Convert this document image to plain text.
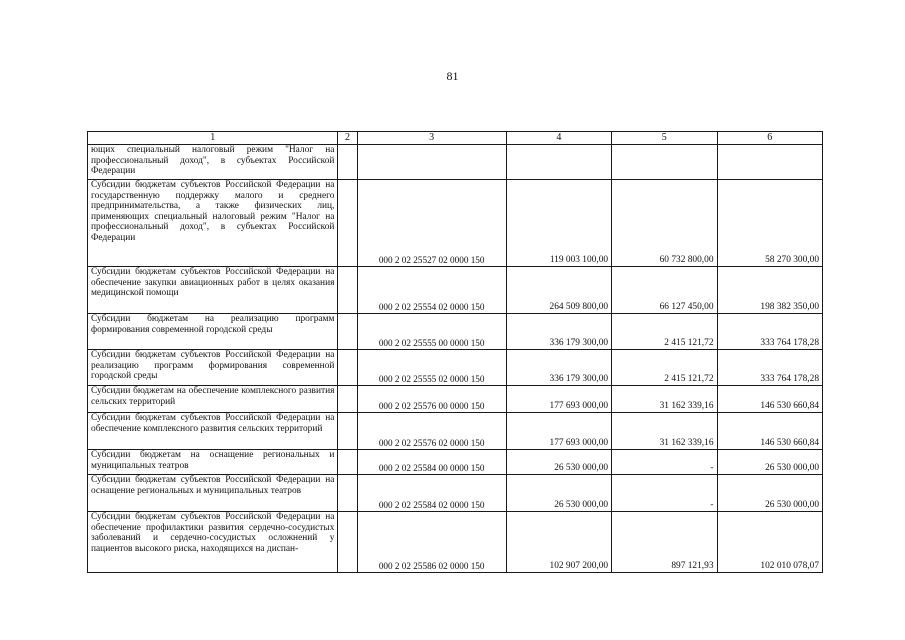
81
1	2	3	4	5	6
ющих специальный налоговый режим "Налог на профессиональный доход", в субъектах Российской Федерации					
Субсидии бюджетам субъектов Российской Федерации на государственную поддержку малого и среднего предпринимательства, а также физических лиц, применяющих специальный налоговый режим "Налог на профессиональный доход", в субъектах Российской Федерации		000 2 02 25527 02 0000 150	119 003 100,00	60 732 800,00	58 270 300,00
Субсидии бюджетам субъектов Российской Федерации на обеспечение закупки авиационных работ в целях оказания медицинской помощи		000 2 02 25554 02 0000 150	264 509 800,00	66 127 450,00	198 382 350,00
Субсидии бюджетам на реализацию программ формирования современной городской среды		000 2 02 25555 00 0000 150	336 179 300,00	2 415 121,72	333 764 178,28
Субсидии бюджетам субъектов Российской Федерации на реализацию программ формирования современной городской среды		000 2 02 25555 02 0000 150	336 179 300,00	2 415 121,72	333 764 178,28
Субсидии бюджетам на обеспечение комплексного развития сельских территорий		000 2 02 25576 00 0000 150	177 693 000,00	31 162 339,16	146 530 660,84
Субсидии бюджетам субъектов Российской Федерации на обеспечение комплексного развития сельских территорий		000 2 02 25576 02 0000 150	177 693 000,00	31 162 339,16	146 530 660,84
Субсидии бюджетам на оснащение региональных и муниципальных театров		000 2 02 25584 00 0000 150	26 530 000,00	-	26 530 000,00
Субсидии бюджетам субъектов Российской Федерации на оснащение региональных и муниципальных театров		000 2 02 25584 02 0000 150	26 530 000,00	-	26 530 000,00
Субсидии бюджетам субъектов Российской Федерации на обеспечение профилактики развития сердечно-сосудистых заболеваний и сердечно-сосудистых осложнений у пациентов высокого риска, находящихся на диспан-		000 2 02 25586 02 0000 150	102 907 200,00	897 121,93	102 010 078,07
